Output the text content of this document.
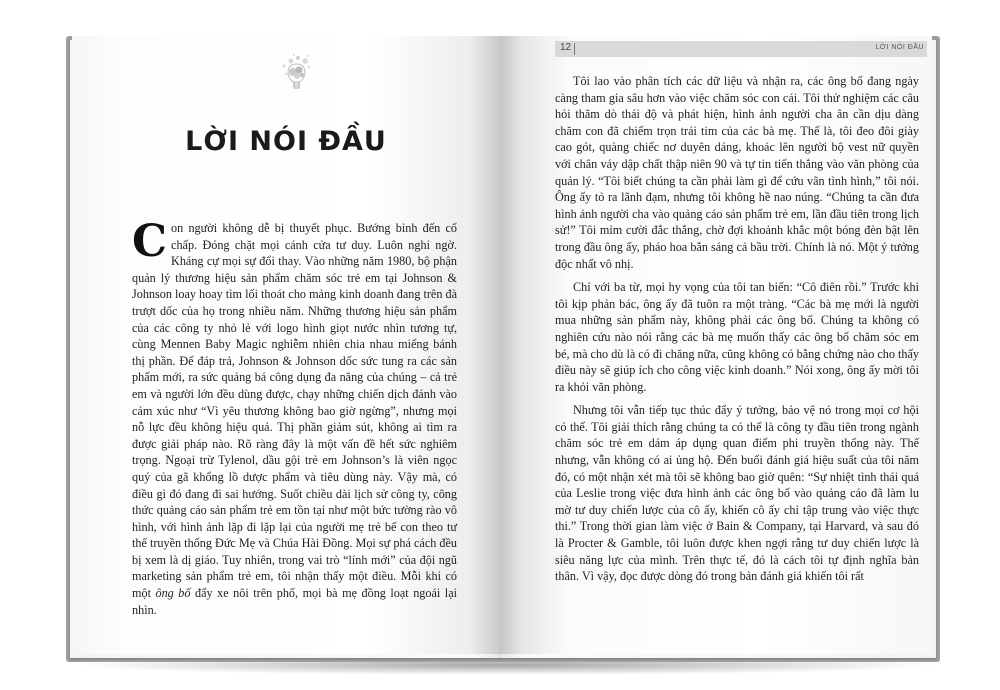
LỜI NÓI ĐẦU

Con người không dễ bị thuyết phục. Bướng bỉnh đến cố chấp. Đóng chặt mọi cánh cửa tư duy. Luôn nghi ngờ. Kháng cự mọi sự đổi thay. Vào những năm 1980, bộ phận quản lý thương hiệu sản phẩm chăm sóc trẻ em tại Johnson & Johnson loay hoay tìm lối thoát cho mảng kinh doanh đang trên đà trượt dốc của họ trong nhiều năm. Những thương hiệu sản phẩm của các công ty nhỏ lẻ với logo hình giọt nước nhìn tương tự, cùng Mennen Baby Magic nghiễm nhiên chia nhau miếng bánh thị phần. Để đáp trả, Johnson & Johnson dốc sức tung ra các sản phẩm mới, ra sức quảng bá công dụng đa năng của chúng – cả trẻ em và người lớn đều dùng được, chạy những chiến dịch đánh vào cảm xúc như “Vì yêu thương không bao giờ ngừng”, nhưng mọi nỗ lực đều không hiệu quả. Thị phần giảm sút, không ai tìm ra được giải pháp nào. Rõ ràng đây là một vấn đề hết sức nghiêm trọng. Ngoại trừ Tylenol, dầu gội trẻ em Johnson’s là viên ngọc quý của gã khổng lồ dược phẩm và tiêu dùng này. Vậy mà, có điều gì đó đang đi sai hướng. Suốt chiều dài lịch sử công ty, công thức quảng cáo sản phẩm trẻ em tồn tại như một bức tường rào vô hình, với hình ảnh lặp đi lặp lại của người mẹ trẻ bế con theo tư thế truyền thống Đức Mẹ và Chúa Hài Đồng. Mọi sự phá cách đều bị xem là dị giáo. Tuy nhiên, trong vai trò “lính mới” của đội ngũ marketing sản phẩm trẻ em, tôi nhận thấy một điều. Mỗi khi có một ông bố đẩy xe nôi trên phố, mọi bà mẹ đồng loạt ngoái lại nhìn.

12	LỜI NÓI ĐẦU

Tôi lao vào phân tích các dữ liệu và nhận ra, các ông bố đang ngày càng tham gia sâu hơn vào việc chăm sóc con cái. Tôi thử nghiệm các câu hỏi thăm dò thái độ và phát hiện, hình ảnh người cha ân cần dịu dàng chăm con đã chiếm trọn trái tim của các bà mẹ. Thế là, tôi đeo đôi giày cao gót, quàng chiếc nơ duyên dáng, khoác lên người bộ vest nữ quyền với chân váy dập chất thập niên 90 và tự tin tiến thẳng vào văn phòng của quản lý. “Tôi biết chúng ta cần phải làm gì để cứu vãn tình hình,” tôi nói. Ông ấy tỏ ra lãnh đạm, nhưng tôi không hề nao núng. “Chúng ta cần đưa hình ảnh người cha vào quảng cáo sản phẩm trẻ em, lần đầu tiên trong lịch sử!” Tôi mỉm cười đắc thắng, chờ đợi khoảnh khắc một bóng đèn bật lên trong đầu ông ấy, pháo hoa bắn sáng cả bầu trời. Chính là nó. Một ý tưởng độc nhất vô nhị.

Chỉ với ba từ, mọi hy vọng của tôi tan biến: “Cô điên rồi.” Trước khi tôi kịp phản bác, ông ấy đã tuôn ra một tràng. “Các bà mẹ mới là người mua những sản phẩm này, không phải các ông bố. Chúng ta không có nghiên cứu nào nói rằng các bà mẹ muốn thấy các ông bố chăm sóc em bé, mà cho dù là có đi chăng nữa, cũng không có bằng chứng nào cho thấy điều này sẽ giúp ích cho công việc kinh doanh.” Nói xong, ông ấy mời tôi ra khỏi văn phòng.

Nhưng tôi vẫn tiếp tục thúc đẩy ý tưởng, bảo vệ nó trong mọi cơ hội có thể. Tôi giải thích rằng chúng ta có thể là công ty đầu tiên trong ngành chăm sóc trẻ em dám áp dụng quan điểm phi truyền thống này. Thế nhưng, vẫn không có ai ủng hộ. Đến buổi đánh giá hiệu suất của tôi năm đó, có một nhận xét mà tôi sẽ không bao giờ quên: “Sự nhiệt tình thái quá của Leslie trong việc đưa hình ảnh các ông bố vào quảng cáo đã làm lu mờ tư duy chiến lược của cô ấy, khiến cô ấy chỉ tập trung vào việc thực thi.” Trong thời gian làm việc ở Bain & Company, tại Harvard, và sau đó là Procter & Gamble, tôi luôn được khen ngợi rằng tư duy chiến lược là siêu năng lực của mình. Trên thực tế, đó là cách tôi tự định nghĩa bản thân. Vì vậy, đọc được dòng đó trong bản đánh giá khiến tôi rất
